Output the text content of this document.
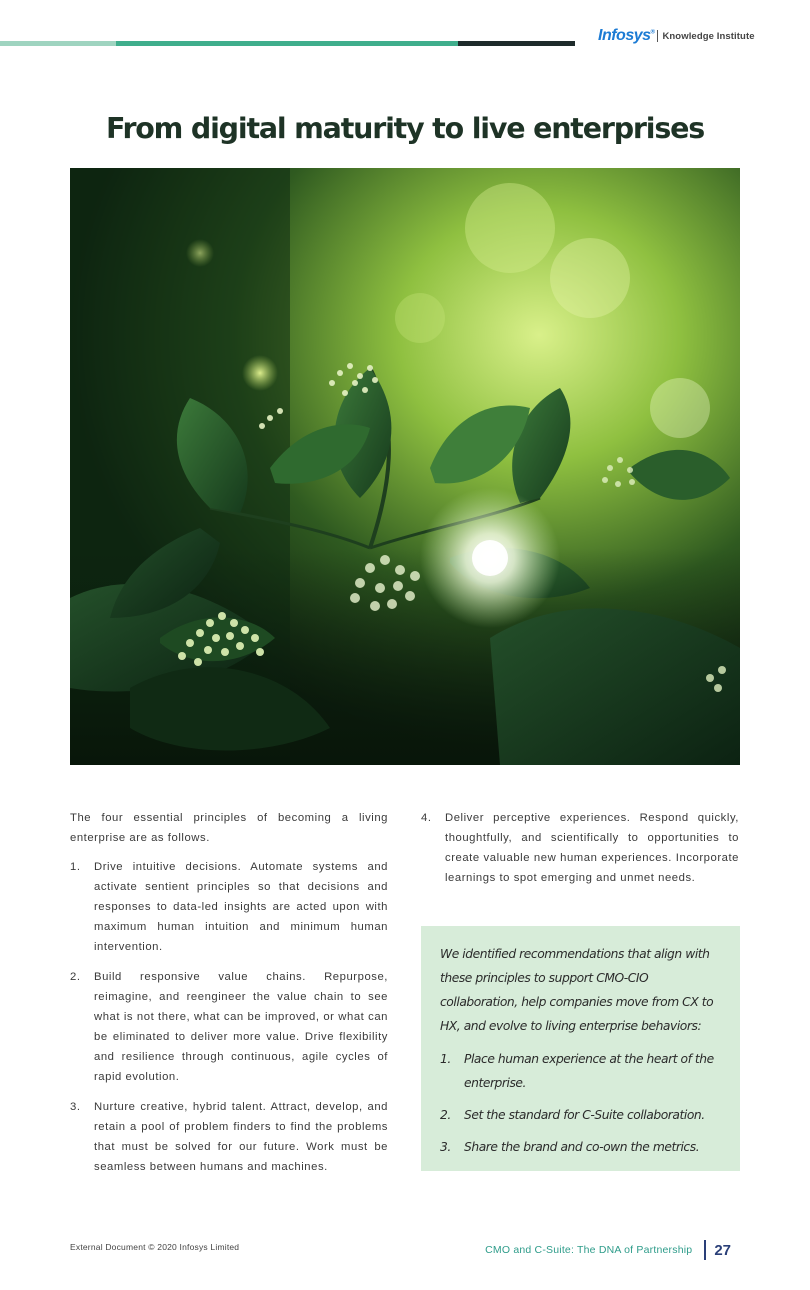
Infosys® Knowledge Institute
From digital maturity to live enterprises

The four essential principles of becoming a living enterprise are as follows.

1. Drive intuitive decisions. Automate systems and activate sentient principles so that decisions and responses to data-led insights are acted upon with maximum human intuition and minimum human intervention.
2. Build responsive value chains. Repurpose, reimagine, and reengineer the value chain to see what is not there, what can be improved, or what can be eliminated to deliver more value. Drive flexibility and resilience through continuous, agile cycles of rapid evolution.
3. Nurture creative, hybrid talent. Attract, develop, and retain a pool of problem finders to find the problems that must be solved for our future. Work must be seamless between humans and machines.
4. Deliver perceptive experiences. Respond quickly, thoughtfully, and scientifically to opportunities to create valuable new human experiences. Incorporate learnings to spot emerging and unmet needs.

We identified recommendations that align with these principles to support CMO-CIO collaboration, help companies move from CX to HX, and evolve to living enterprise behaviors:

1. Place human experience at the heart of the enterprise.
2. Set the standard for C-Suite collaboration.
3. Share the brand and co-own the metrics.
External Document © 2020 Infosys Limited	CMO and C-Suite: The DNA of Partnership 27
